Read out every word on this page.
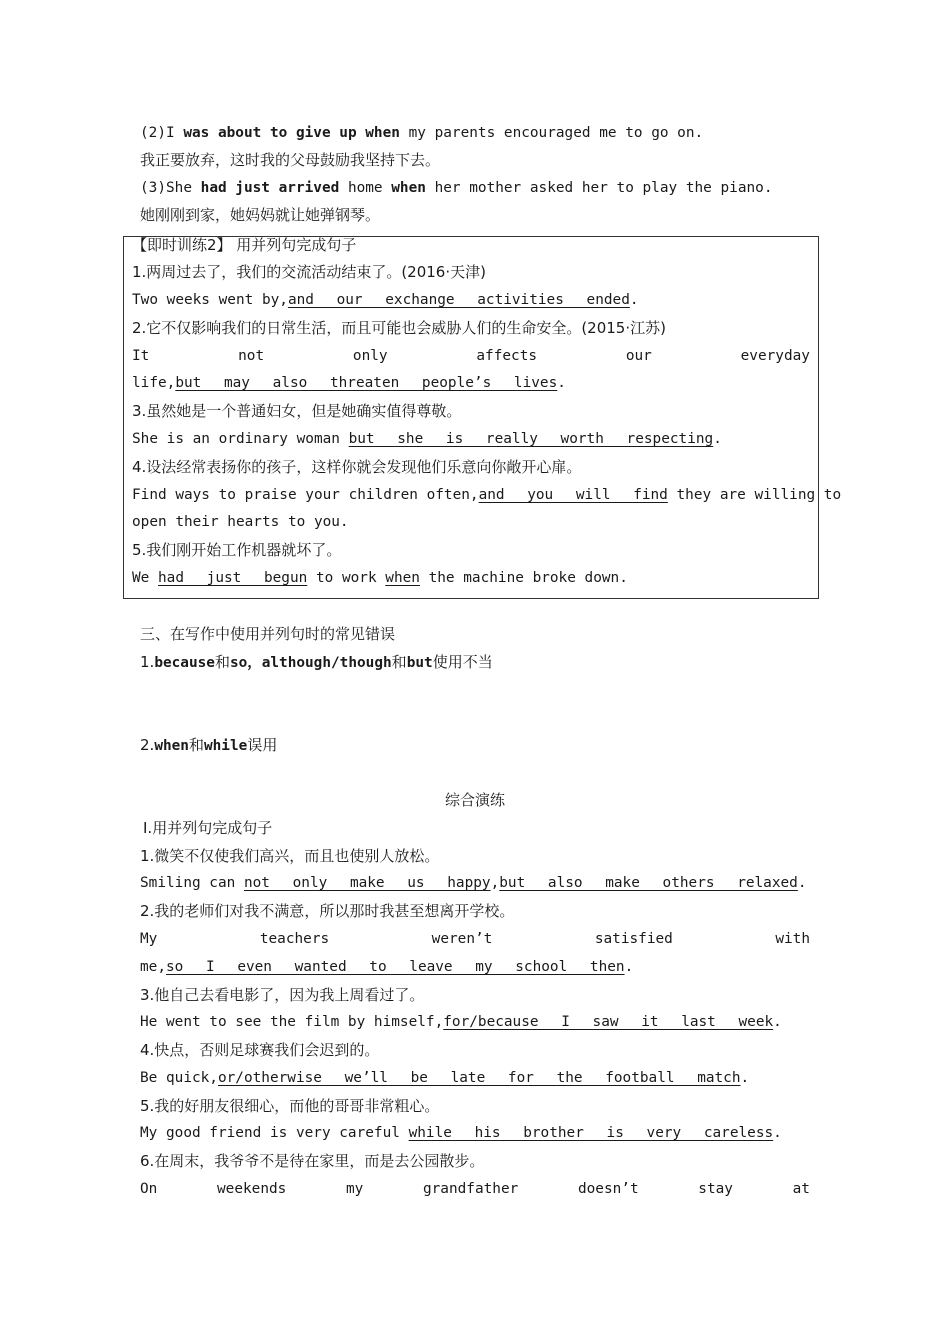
(2)I was about to give up when my parents encouraged me to go on.
我正要放弃，这时我的父母鼓励我坚持下去。
(3)She had just arrived home when her mother asked her to play the piano.
她刚刚到家，她妈妈就让她弹钢琴。
【即时训练2】 用并列句完成句子
1.两周过去了，我们的交流活动结束了。(2016·天津)
Two weeks went by,and our exchange activities ended.
2.它不仅影响我们的日常生活，而且可能也会威胁人们的生命安全。(2015·江苏)
It	not	only	affects	our	everyday
life,but may also threaten people’s lives.
3.虽然她是一个普通妇女，但是她确实值得尊敬。
She is an ordinary woman but she is really worth respecting.
4.设法经常表扬你的孩子，这样你就会发现他们乐意向你敞开心扉。
Find ways to praise your children often,and you will find they are willing to
open their hearts to you.
5.我们刚开始工作机器就坏了。
We had just begun to work when the machine broke down.
三、在写作中使用并列句时的常见错误
1.because和so，although/though和but使用不当
2.when和while误用
综合演练
Ⅰ.用并列句完成句子
1.微笑不仅使我们高兴，而且也使别人放松。
Smiling can not only make us happy,but also make others relaxed.
2.我的老师们对我不满意，所以那时我甚至想离开学校。
My	teachers	weren’t	satisfied	with
me,so I even wanted to leave my school then.
3.他自己去看电影了，因为我上周看过了。
He went to see the film by himself,for/because I saw it last week.
4.快点，否则足球赛我们会迟到的。
Be quick,or/otherwise we’ll be late for the football match.
5.我的好朋友很细心，而他的哥哥非常粗心。
My good friend is very careful while his brother is very careless.
6.在周末，我爷爷不是待在家里，而是去公园散步。
On	weekends	my	grandfather	doesn’t	stay	at
